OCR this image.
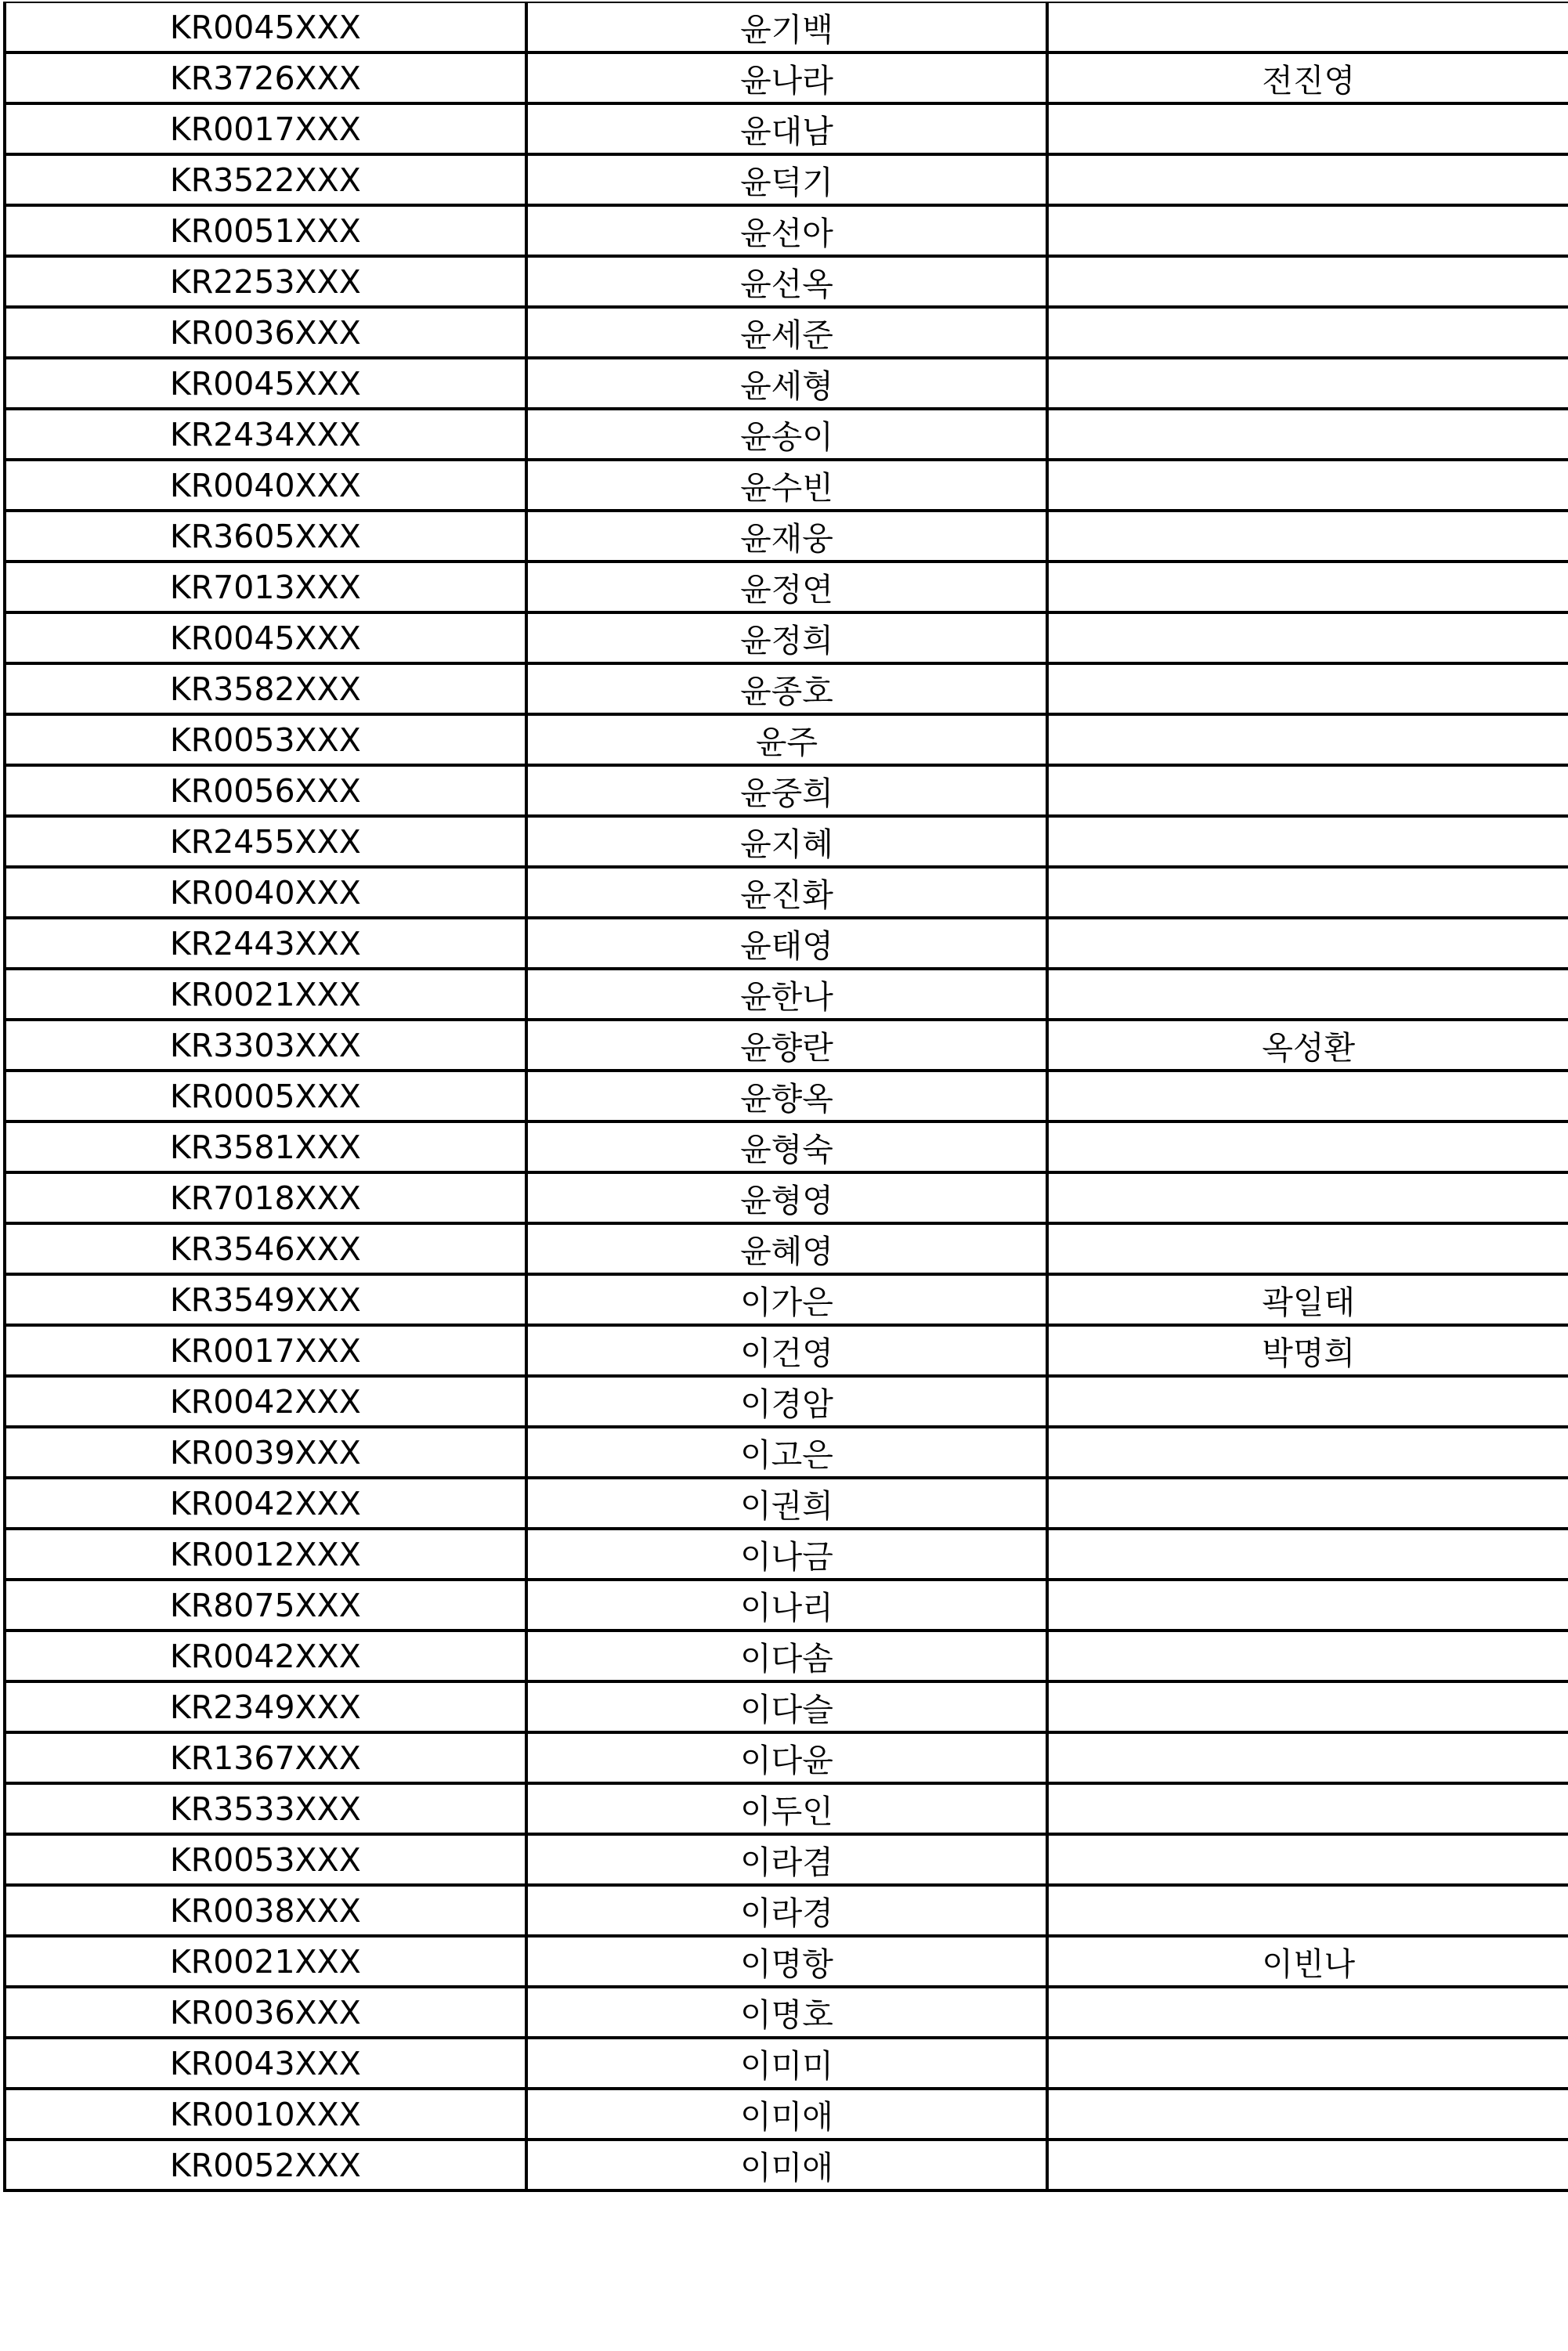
KR0045XXX	윤기백	
KR3726XXX	윤나라	전진영
KR0017XXX	윤대남	
KR3522XXX	윤덕기	
KR0051XXX	윤선아	
KR2253XXX	윤선옥	
KR0036XXX	윤세준	
KR0045XXX	윤세형	
KR2434XXX	윤송이	
KR0040XXX	윤수빈	
KR3605XXX	윤재웅	
KR7013XXX	윤정연	
KR0045XXX	윤정희	
KR3582XXX	윤종호	
KR0053XXX	윤주	
KR0056XXX	윤중희	
KR2455XXX	윤지혜	
KR0040XXX	윤진화	
KR2443XXX	윤태영	
KR0021XXX	윤한나	
KR3303XXX	윤향란	옥성환
KR0005XXX	윤향옥	
KR3581XXX	윤형숙	
KR7018XXX	윤형영	
KR3546XXX	윤혜영	
KR3549XXX	이가은	곽일태
KR0017XXX	이건영	박명희
KR0042XXX	이경암	
KR0039XXX	이고은	
KR0042XXX	이권희	
KR0012XXX	이나금	
KR8075XXX	이나리	
KR0042XXX	이다솜	
KR2349XXX	이다슬	
KR1367XXX	이다윤	
KR3533XXX	이두인	
KR0053XXX	이라겸	
KR0038XXX	이라경	
KR0021XXX	이명항	이빈나
KR0036XXX	이명호	
KR0043XXX	이미미	
KR0010XXX	이미애	
KR0052XXX	이미애	
